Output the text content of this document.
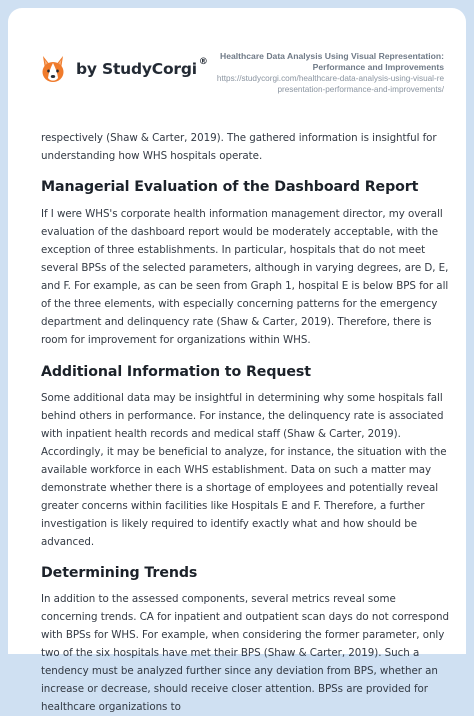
by StudyCorgi ®
Healthcare Data Analysis Using Visual Representation: Performance and Improvements
https://studycorgi.com/healthcare-data-analysis-using-visual-representation-performance-and-improvements/

respectively (Shaw & Carter, 2019). The gathered information is insightful for understanding how WHS hospitals operate.

Managerial Evaluation of the Dashboard Report

If I were WHS's corporate health information management director, my overall evaluation of the dashboard report would be moderately acceptable, with the exception of three establishments. In particular, hospitals that do not meet several BPSs of the selected parameters, although in varying degrees, are D, E, and F. For example, as can be seen from Graph 1, hospital E is below BPS for all of the three elements, with especially concerning patterns for the emergency department and delinquency rate (Shaw & Carter, 2019). Therefore, there is room for improvement for organizations within WHS.

Additional Information to Request

Some additional data may be insightful in determining why some hospitals fall behind others in performance. For instance, the delinquency rate is associated with inpatient health records and medical staff (Shaw & Carter, 2019). Accordingly, it may be beneficial to analyze, for instance, the situation with the available workforce in each WHS establishment. Data on such a matter may demonstrate whether there is a shortage of employees and potentially reveal greater concerns within facilities like Hospitals E and F. Therefore, a further investigation is likely required to identify exactly what and how should be advanced.

Determining Trends

In addition to the assessed components, several metrics reveal some concerning trends. CA for inpatient and outpatient scan days do not correspond with BPSs for WHS. For example, when considering the former parameter, only two of the six hospitals have met their BPS (Shaw & Carter, 2019). Such a tendency must be analyzed further since any deviation from BPS, whether an increase or decrease, should receive closer attention. BPSs are provided for healthcare organizations to
